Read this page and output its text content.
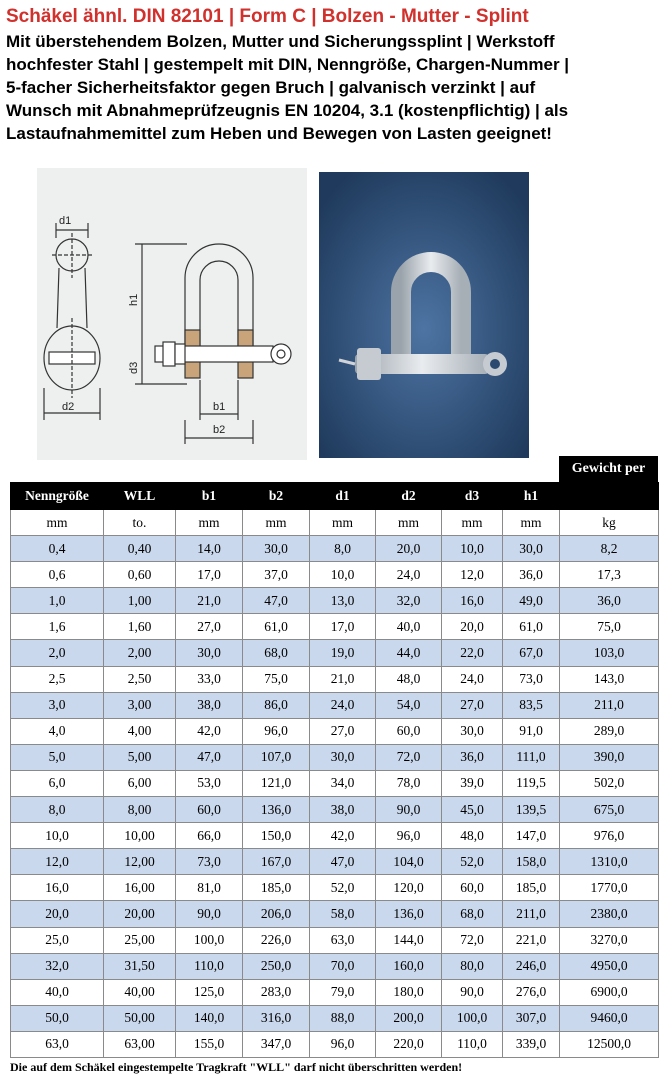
Schäkel ähnl. DIN 82101 | Form C | Bolzen - Mutter - Splint
Mit überstehendem Bolzen, Mutter und Sicherungssplint | Werkstoff
hochfester Stahl | gestempelt mit DIN, Nenngröße, Chargen-Nummer |
5-facher Sicherheitsfaktor gegen Bruch | galvanisch verzinkt | auf
Wunsch mit Abnahmeprüfzeugnis EN 10204, 3.1 (kostenpflichtig) | als
Lastaufnahmemittel zum Heben und Bewegen von Lasten geeignet!
d1
d2
h1
d3
b1
b2
Gewicht per
Nenngröße	WLL	b1	b2	d1	d2	d3	h1	
mm	to.	mm	mm	mm	mm	mm	mm	kg
0,4	0,40	14,0	30,0	8,0	20,0	10,0	30,0	8,2
0,6	0,60	17,0	37,0	10,0	24,0	12,0	36,0	17,3
1,0	1,00	21,0	47,0	13,0	32,0	16,0	49,0	36,0
1,6	1,60	27,0	61,0	17,0	40,0	20,0	61,0	75,0
2,0	2,00	30,0	68,0	19,0	44,0	22,0	67,0	103,0
2,5	2,50	33,0	75,0	21,0	48,0	24,0	73,0	143,0
3,0	3,00	38,0	86,0	24,0	54,0	27,0	83,5	211,0
4,0	4,00	42,0	96,0	27,0	60,0	30,0	91,0	289,0
5,0	5,00	47,0	107,0	30,0	72,0	36,0	111,0	390,0
6,0	6,00	53,0	121,0	34,0	78,0	39,0	119,5	502,0
8,0	8,00	60,0	136,0	38,0	90,0	45,0	139,5	675,0
10,0	10,00	66,0	150,0	42,0	96,0	48,0	147,0	976,0
12,0	12,00	73,0	167,0	47,0	104,0	52,0	158,0	1310,0
16,0	16,00	81,0	185,0	52,0	120,0	60,0	185,0	1770,0
20,0	20,00	90,0	206,0	58,0	136,0	68,0	211,0	2380,0
25,0	25,00	100,0	226,0	63,0	144,0	72,0	221,0	3270,0
32,0	31,50	110,0	250,0	70,0	160,0	80,0	246,0	4950,0
40,0	40,00	125,0	283,0	79,0	180,0	90,0	276,0	6900,0
50,0	50,00	140,0	316,0	88,0	200,0	100,0	307,0	9460,0
63,0	63,00	155,0	347,0	96,0	220,0	110,0	339,0	12500,0
Die auf dem Schäkel eingestempelte Tragkraft "WLL" darf nicht überschritten werden!
